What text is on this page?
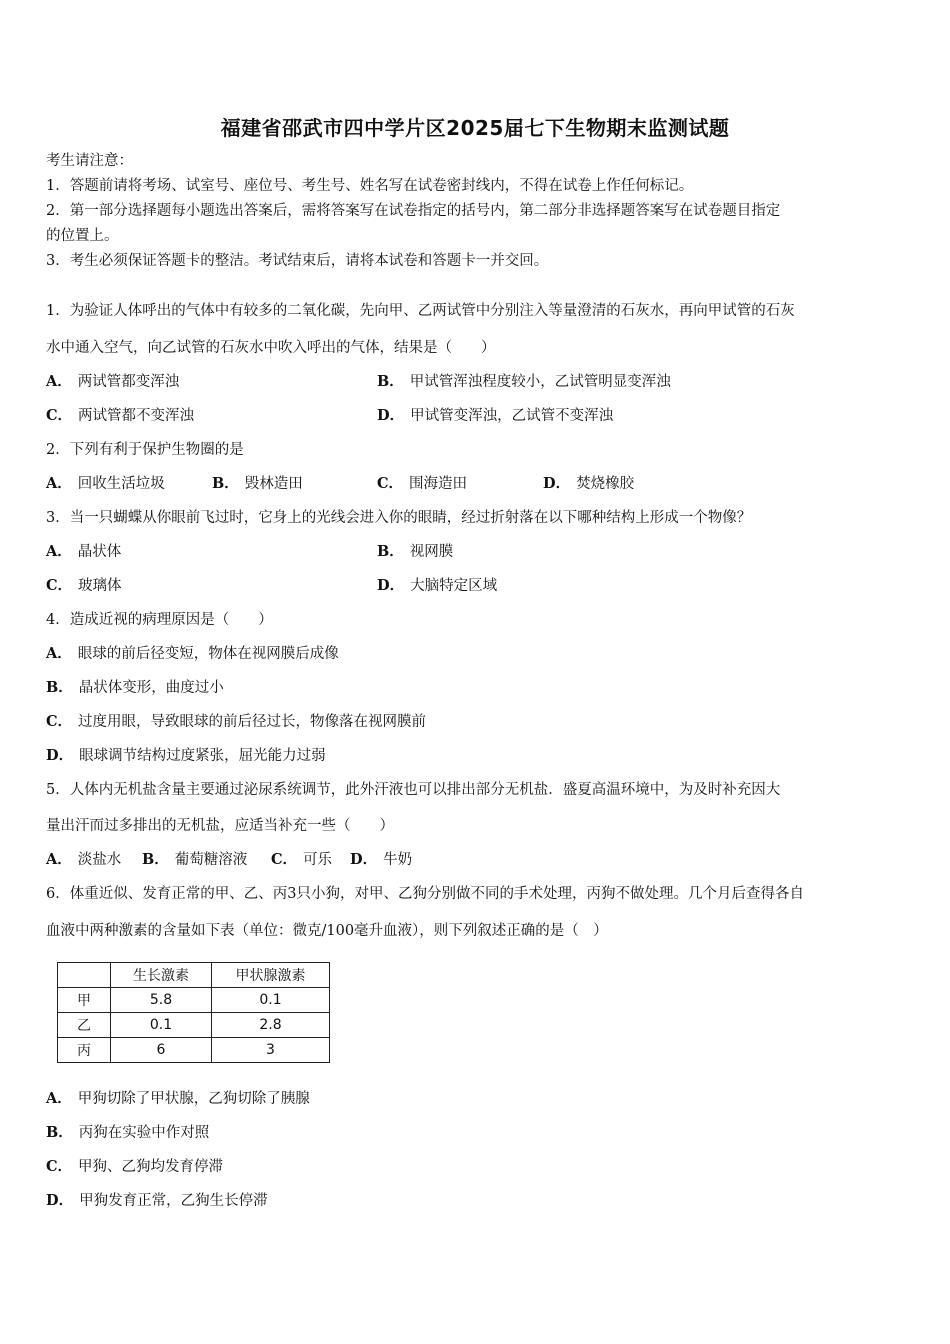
福建省邵武市四中学片区2025届七下生物期末监测试题
考生请注意：
1．答题前请将考场、试室号、座位号、考生号、姓名写在试卷密封线内，不得在试卷上作任何标记。
2．第一部分选择题每小题选出答案后，需将答案写在试卷指定的括号内，第二部分非选择题答案写在试卷题目指定
的位置上。
3．考生必须保证答题卡的整洁。考试结束后，请将本试卷和答题卡一并交回。
1．为验证人体呼出的气体中有较多的二氧化碳，先向甲、乙两试管中分别注入等量澄清的石灰水，再向甲试管的石灰
水中通入空气，向乙试管的石灰水中吹入呼出的气体，结果是（　　）
A． 两试管都变浑浊	B． 甲试管浑浊程度较小，乙试管明显变浑浊
C． 两试管都不变浑浊	D． 甲试管变浑浊，乙试管不变浑浊
2．下列有利于保护生物圈的是
A． 回收生活垃圾	B． 毁林造田	C． 围海造田	D． 焚烧橡胶
3．当一只蝴蝶从你眼前飞过时，它身上的光线会进入你的眼睛，经过折射落在以下哪种结构上形成一个物像？
A． 晶状体	B． 视网膜
C． 玻璃体	D． 大脑特定区域
4．造成近视的病理原因是（　　）
A． 眼球的前后径变短，物体在视网膜后成像
B． 晶状体变形，曲度过小
C． 过度用眼，导致眼球的前后径过长，物像落在视网膜前
D． 眼球调节结构过度紧张，屈光能力过弱
5．人体内无机盐含量主要通过泌尿系统调节，此外汗液也可以排出部分无机盐．盛夏高温环境中，为及时补充因大
量出汗而过多排出的无机盐，应适当补充一些（　　）
A． 淡盐水 B． 葡萄糖溶液 C． 可乐 D． 牛奶
6．体重近似、发育正常的甲、乙、丙3只小狗，对甲、乙狗分别做不同的手术处理，丙狗不做处理。几个月后查得各自
血液中两种激素的含量如下表（单位：微克/100毫升血液），则下列叙述正确的是（　）
	生长激素	甲状腺激素
甲	5.8	0.1
乙	0.1	2.8
丙	6	3
A． 甲狗切除了甲状腺，乙狗切除了胰腺
B． 丙狗在实验中作对照
C． 甲狗、乙狗均发育停滞
D． 甲狗发育正常，乙狗生长停滞
